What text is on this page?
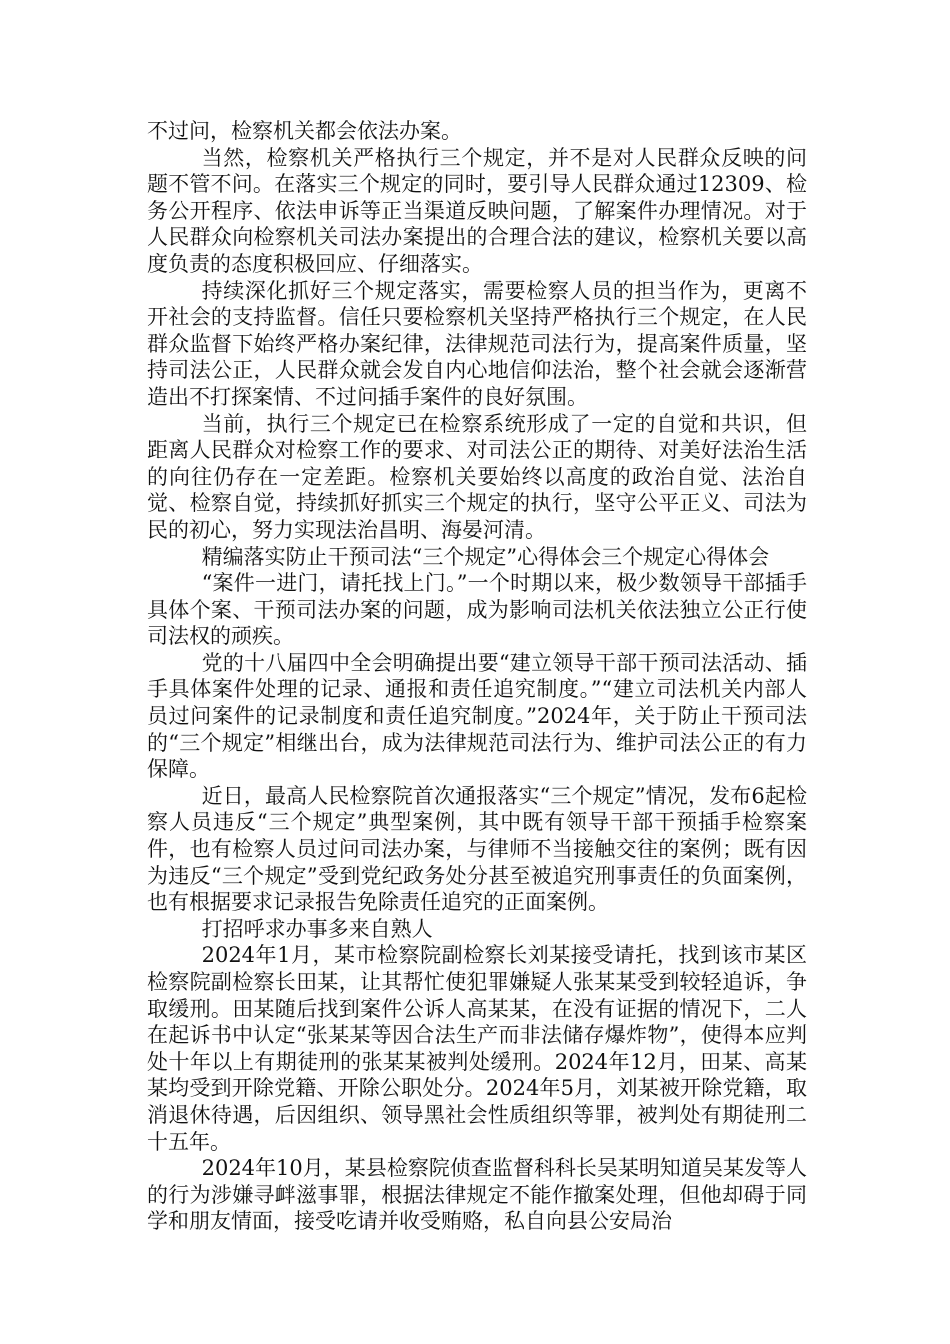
不过问，检察机关都会依法办案。

当然，检察机关严格执行三个规定，并不是对人民群众反映的问题不管不问。在落实三个规定的同时，要引导人民群众通过12309、检务公开程序、依法申诉等正当渠道反映问题，了解案件办理情况。对于人民群众向检察机关司法办案提出的合理合法的建议，检察机关要以高度负责的态度积极回应、仔细落实。

持续深化抓好三个规定落实，需要检察人员的担当作为，更离不开社会的支持监督。信任只要检察机关坚持严格执行三个规定，在人民群众监督下始终严格办案纪律，法律规范司法行为，提高案件质量，坚持司法公正，人民群众就会发自内心地信仰法治，整个社会就会逐渐营造出不打探案情、不过问插手案件的良好氛围。

当前，执行三个规定已在检察系统形成了一定的自觉和共识，但距离人民群众对检察工作的要求、对司法公正的期待、对美好法治生活的向往仍存在一定差距。检察机关要始终以高度的政治自觉、法治自觉、检察自觉，持续抓好抓实三个规定的执行，坚守公平正义、司法为民的初心，努力实现法治昌明、海晏河清。

精编落实防止干预司法“三个规定”心得体会三个规定心得体会

“案件一进门，请托找上门。”一个时期以来，极少数领导干部插手具体个案、干预司法办案的问题，成为影响司法机关依法独立公正行使司法权的顽疾。

党的十八届四中全会明确提出要“建立领导干部干预司法活动、插手具体案件处理的记录、通报和责任追究制度。”“建立司法机关内部人员过问案件的记录制度和责任追究制度。”2024年，关于防止干预司法的“三个规定”相继出台，成为法律规范司法行为、维护司法公正的有力保障。

近日，最高人民检察院首次通报落实“三个规定”情况，发布6起检察人员违反“三个规定”典型案例，其中既有领导干部干预插手检察案件，也有检察人员过问司法办案，与律师不当接触交往的案例；既有因为违反“三个规定”受到党纪政务处分甚至被追究刑事责任的负面案例，也有根据要求记录报告免除责任追究的正面案例。

打招呼求办事多来自熟人

2024年1月，某市检察院副检察长刘某接受请托，找到该市某区检察院副检察长田某，让其帮忙使犯罪嫌疑人张某某受到较轻追诉，争取缓刑。田某随后找到案件公诉人高某某，在没有证据的情况下，二人在起诉书中认定“张某某等因合法生产而非法储存爆炸物”，使得本应判处十年以上有期徒刑的张某某被判处缓刑。2024年12月，田某、高某某均受到开除党籍、开除公职处分。2024年5月，刘某被开除党籍，取消退休待遇，后因组织、领导黑社会性质组织等罪，被判处有期徒刑二十五年。

2024年10月，某县检察院侦查监督科科长吴某明知道吴某发等人的行为涉嫌寻衅滋事罪，根据法律规定不能作撤案处理，但他却碍于同学和朋友情面，接受吃请并收受贿赂，私自向县公安局治
